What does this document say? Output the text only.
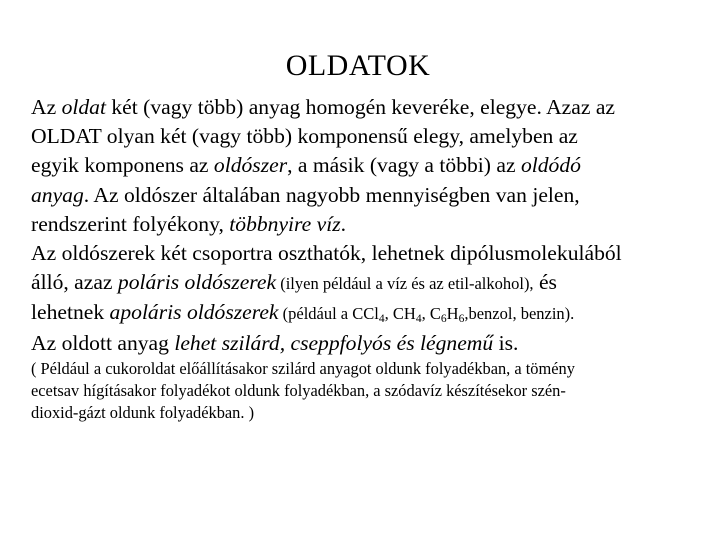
OLDATOK

Az oldat két (vagy több) anyag homogén keveréke, elegye. Azaz az
OLDAT olyan két (vagy több) komponensű elegy, amelyben az
egyik komponens az oldószer, a másik (vagy a többi) az oldódó
anyag. Az oldószer általában nagyobb mennyiségben van jelen,
rendszerint folyékony, többnyire víz.

Az oldószerek két csoportra oszthatók, lehetnek dipólusmolekulából
álló, azaz poláris oldószerek (ilyen például a víz és az etil-alkohol), és
lehetnek apoláris oldószerek (például a CCl$_4$, $CH_4$, $C_6H_6,benzol$, benzin).

Az oldott anyag lehet szilárd, cseppfolyós és légnemű is.

( Például a cukoroldat előállításakor szilárd anyagot oldunk folyadékban, a tömény
ecetsav hígításakor folyadékot oldunk folyadékban, a szódavíz készítésekor szén-
dioxid-gázt oldunk folyadékban. )
